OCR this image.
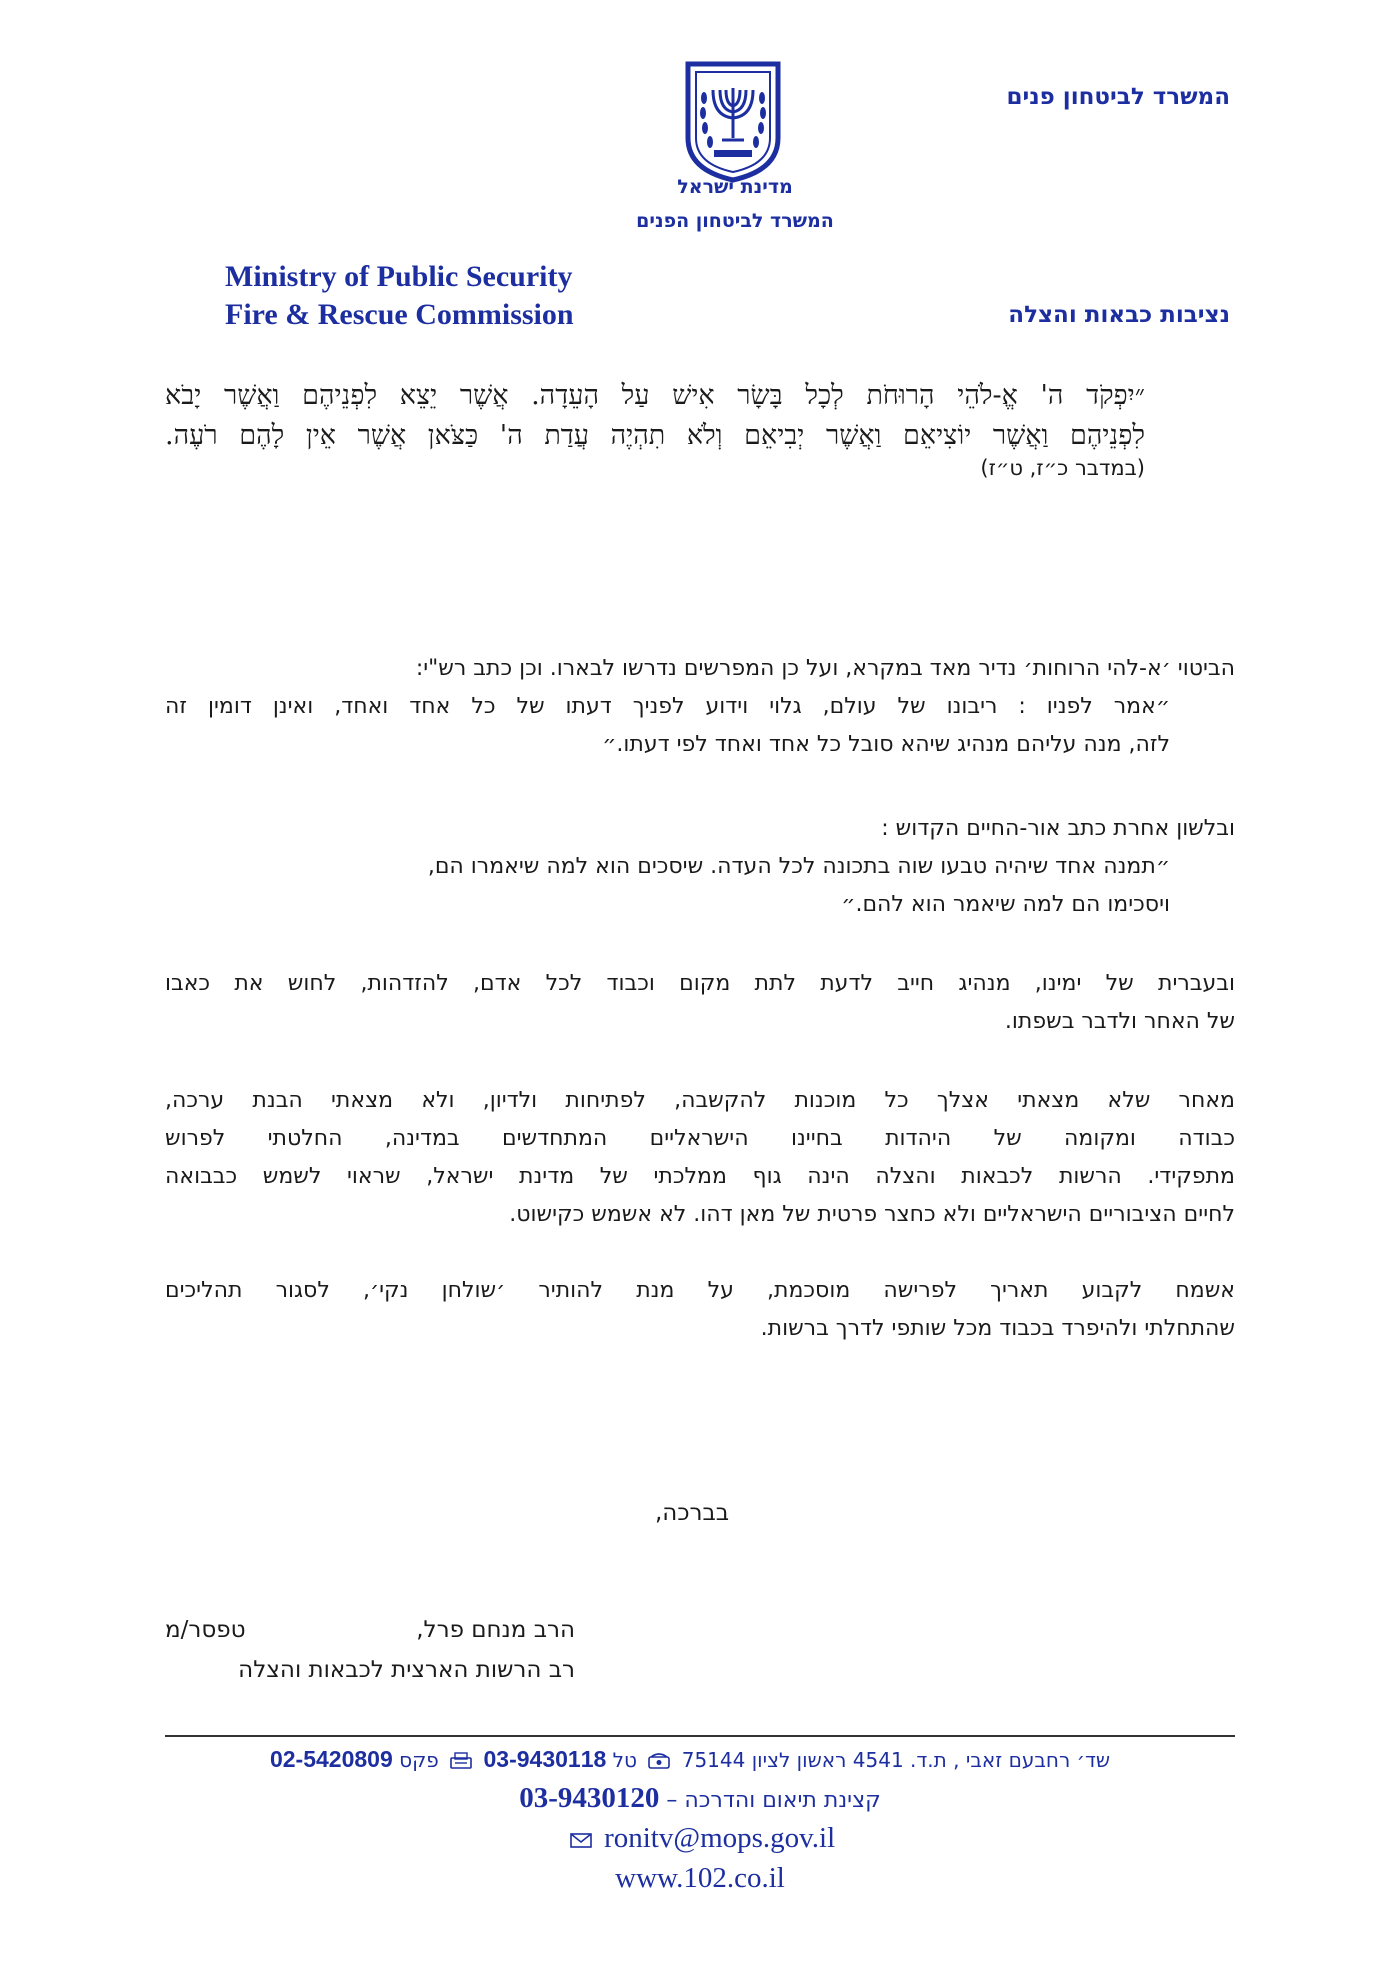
המשרד לביטחון פנים
מדינת ישראל
המשרד לביטחון הפנים
Ministry of Public Security
Fire & Rescue Commission	נציבות כבאות והצלה
״יִפְקֹד ה' אֱ-לֹהֵי הָרוּחֹת לְכָל בָּשָׂר אִישׁ עַל הָעֵדָה. אֲשֶׁר יֵצֵא לִפְנֵיהֶם וַאֲשֶׁר יָבֹא
לִפְנֵיהֶם וַאֲשֶׁר יוֹצִיאֵם וַאֲשֶׁר יְבִיאֵם וְלֹא תִהְיֶה עֲדַת ה' כַּצֹּאן אֲשֶׁר אֵין לָהֶם רֹעֶה.
(במדבר כ״ז, ט״ז)
הביטוי ׳א-להי הרוחות׳ נדיר מאד במקרא, ועל כן המפרשים נדרשו לבארו. וכן כתב רש"י:
״אמר לפניו : ריבונו של עולם, גלוי וידוע לפניך דעתו של כל אחד ואחד, ואינן דומין זה
לזה, מנה עליהם מנהיג שיהא סובל כל אחד ואחד לפי דעתו.״
ובלשון אחרת כתב אור-החיים הקדוש :
״תמנה אחד שיהיה טבעו שוה בתכונה לכל העדה. שיסכים הוא למה שיאמרו הם,
ויסכימו הם למה שיאמר הוא להם.״
ובעברית של ימינו, מנהיג חייב לדעת לתת מקום וכבוד לכל אדם, להזדהות, לחוש את כאבו
של האחר ולדבר בשפתו.
מאחר שלא מצאתי אצלך כל מוכנות להקשבה, לפתיחות ולדיון, ולא מצאתי הבנת ערכה,
כבודה ומקומה של היהדות בחיינו הישראליים המתחדשים במדינה, החלטתי לפרוש
מתפקידי. הרשות לכבאות והצלה הינה גוף ממלכתי של מדינת ישראל, שראוי לשמש כבבואה
לחיים הציבוריים הישראליים ולא כחצר פרטית של מאן דהו. לא אשמש כקישוט.
אשמח לקבוע תאריך לפרישה מוסכמת, על מנת להותיר ׳שולחן נקי׳, לסגור תהליכים
שהתחלתי ולהיפרד בכבוד מכל שותפי לדרך ברשות.
בברכה,
הרב מנחם פרל,
טפסר/מ
רב הרשות הארצית לכבאות והצלה
שד׳ רחבעם זאבי , ת.ד. 4541 ראשון לציון 75144  טל 03-9430118  פקס 02-5420809
קצינת תיאום והדרכה – 03-9430120
ronitv@mops.gov.il
www.102.co.il
